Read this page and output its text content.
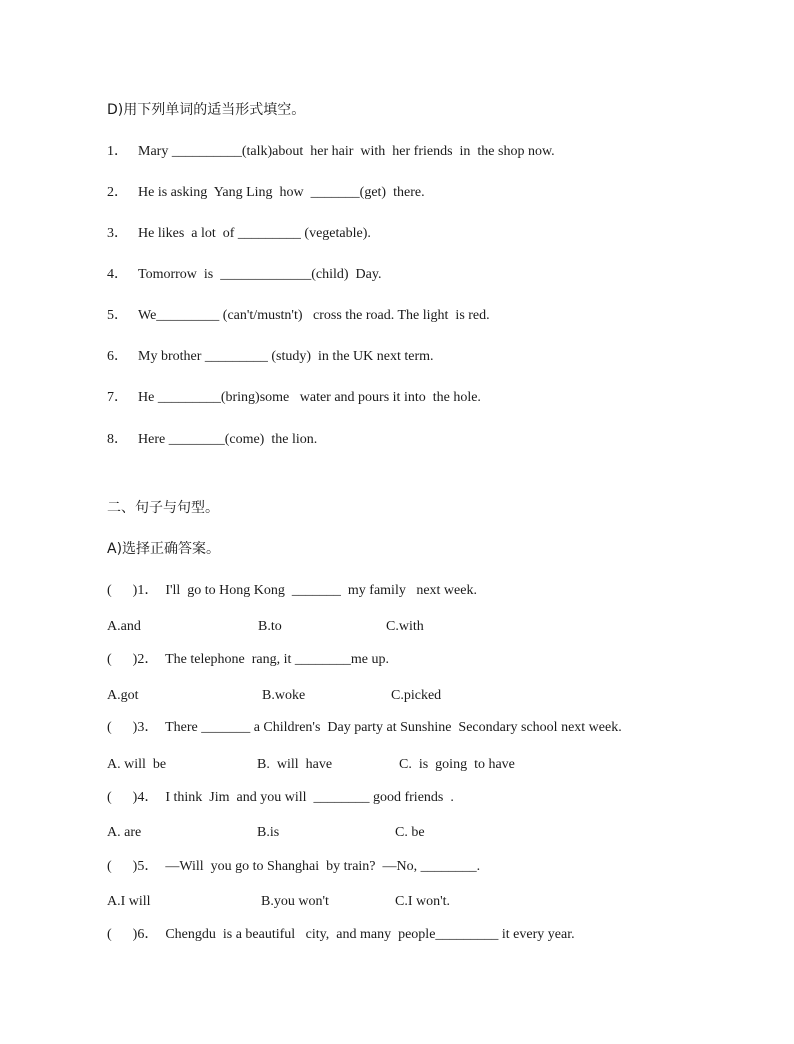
D)用下列单词的适当形式填空。
1． Mary __________(talk)about  her hair  with  her friends  in  the shop now.
2． He is asking  Yang Ling  how  _______(get)  there.
3． He likes  a lot  of _________ (vegetable).
4． Tomorrow  is  _____________(child)  Day.
5． We_________ (can't/mustn't)   cross the road. The light  is red.
6． My brother _________ (study)  in the UK next term.
7． He _________(bring)some   water and pours it into  the hole.
8． Here ________(come)  the lion.
二、句子与句型。
A)选择正确答案。
(      )1．  I'll  go to Hong Kong  _______  my family   next week.
A.and	B.to	C.with
(      )2．  The telephone  rang, it ________me up.
A.got	B.woke	C.picked
(      )3．  There _______ a Children's  Day party at Sunshine  Secondary school next week.
A. will  be	B.  will  have	C.  is  going  to have
(      )4．  I think  Jim  and you will  ________ good friends  .
A. are	B.is	C. be
(      )5．  —Will  you go to Shanghai  by train?  —No, ________.
A.I will	B.you won't	C.I won't.
(      )6．  Chengdu  is a beautiful   city,  and many  people_________ it every year.
